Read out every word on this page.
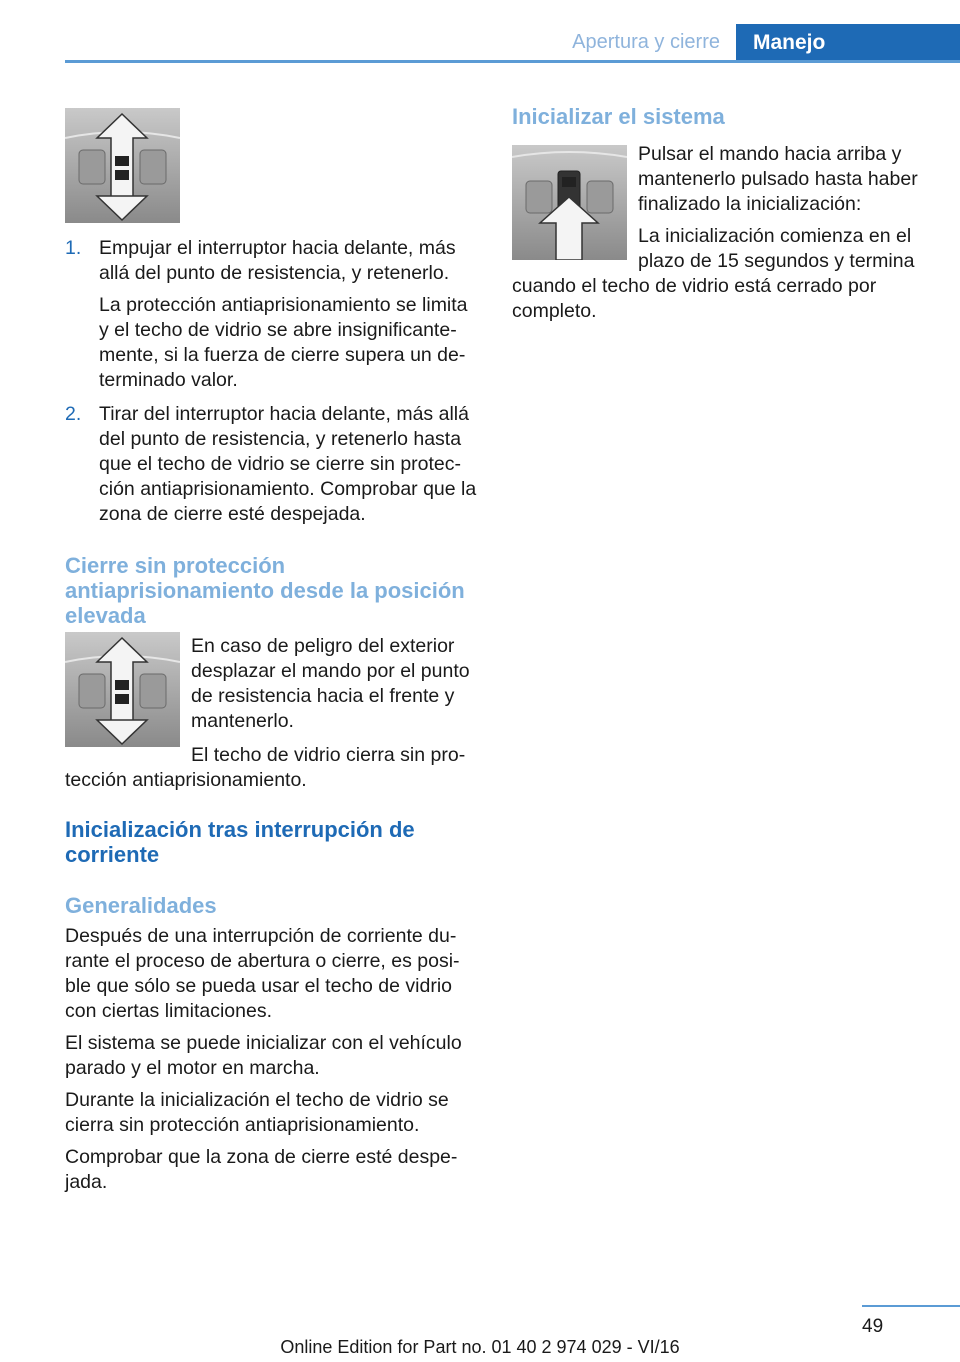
Apertura y cierre	Manejo
1. Empujar el interruptor hacia delante, más allá del punto de resistencia, y retenerlo.

La protección antiaprisionamiento se limita y el techo de vidrio se abre insignificante-mente, si la fuerza de cierre supera un de-terminado valor.

2. Tirar del interruptor hacia delante, más allá del punto de resistencia, y retenerlo hasta que el techo de vidrio se cierre sin protec-ción antiaprisionamiento. Comprobar que la zona de cierre esté despejada.

Cierre sin protección antiaprisionamiento desde la posición elevada

En caso de peligro del exterior desplazar el mando por el punto de resistencia hacia el frente y mantenerlo.

El techo de vidrio cierra sin pro-tección antiaprisionamiento.

Inicialización tras interrupción de corriente
Generalidades

Después de una interrupción de corriente du-rante el proceso de abertura o cierre, es posi-ble que sólo se pueda usar el techo de vidrio con ciertas limitaciones.

El sistema se puede inicializar con el vehículo parado y el motor en marcha.

Durante la inicialización el techo de vidrio se cierra sin protección antiaprisionamiento.

Comprobar que la zona de cierre esté despe-jada.

Inicializar el sistema

Pulsar el mando hacia arriba y mantenerlo pulsado hasta haber finalizado la inicialización:

La inicialización comienza en el plazo de 15 segundos y termina cuando el techo de vidrio está cerrado por completo.

49
Online Edition for Part no. 01 40 2 974 029 - VI/16
